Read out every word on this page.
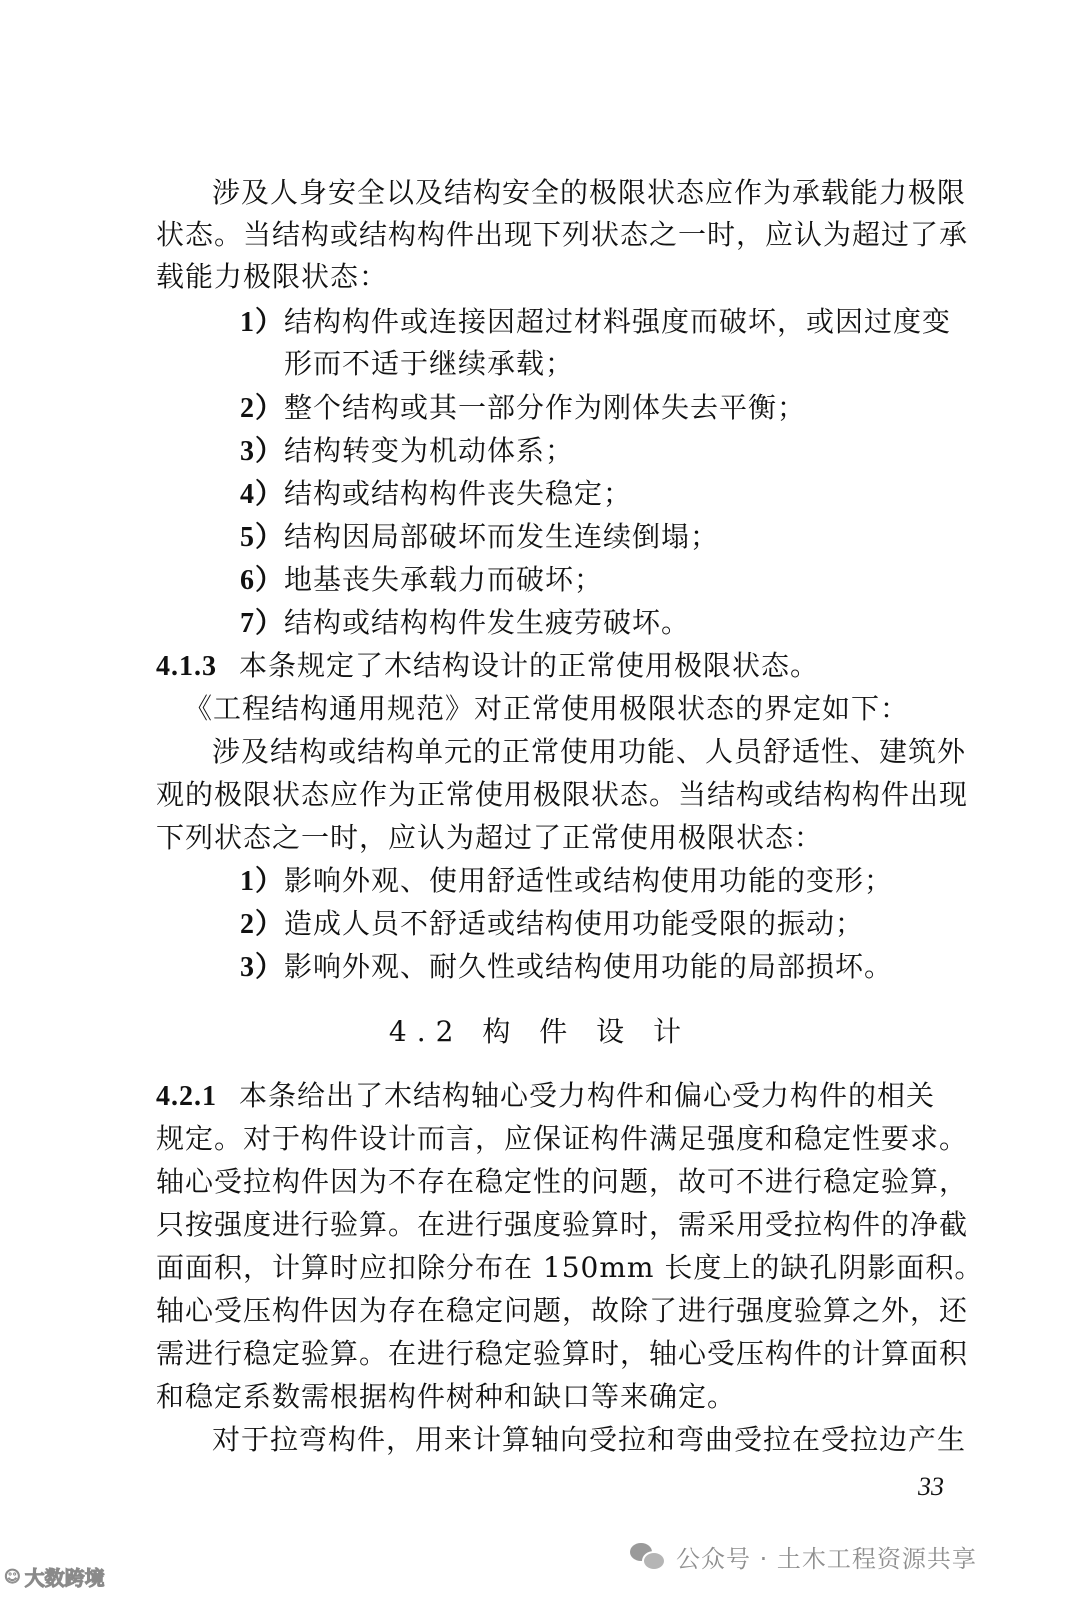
涉及人身安全以及结构安全的极限状态应作为承载能力极限
状态。当结构或结构构件出现下列状态之一时，应认为超过了承
载能力极限状态：
1）结构构件或连接因超过材料强度而破坏，或因过度变
形而不适于继续承载；
2）整个结构或其一部分作为刚体失去平衡；
3）结构转变为机动体系；
4）结构或结构构件丧失稳定；
5）结构因局部破坏而发生连续倒塌；
6）地基丧失承载力而破坏；
7）结构或结构构件发生疲劳破坏。
4.1.3 本条规定了木结构设计的正常使用极限状态。
《工程结构通用规范》对正常使用极限状态的界定如下：
涉及结构或结构单元的正常使用功能、人员舒适性、建筑外
观的极限状态应作为正常使用极限状态。当结构或结构构件出现
下列状态之一时，应认为超过了正常使用极限状态：
1）影响外观、使用舒适性或结构使用功能的变形；
2）造成人员不舒适或结构使用功能受限的振动；
3）影响外观、耐久性或结构使用功能的局部损坏。
4.2 构 件 设 计
4.2.1 本条给出了木结构轴心受力构件和偏心受力构件的相关
规定。对于构件设计而言，应保证构件满足强度和稳定性要求。
轴心受拉构件因为不存在稳定性的问题，故可不进行稳定验算，
只按强度进行验算。在进行强度验算时，需采用受拉构件的净截
面面积，计算时应扣除分布在 150mm 长度上的缺孔阴影面积。
轴心受压构件因为存在稳定问题，故除了进行强度验算之外，还
需进行稳定验算。在进行稳定验算时，轴心受压构件的计算面积
和稳定系数需根据构件树种和缺口等来确定。
对于拉弯构件，用来计算轴向受拉和弯曲受拉在受拉边产生
33
公众号 · 土木工程资源共享
☺ 大数跨境
